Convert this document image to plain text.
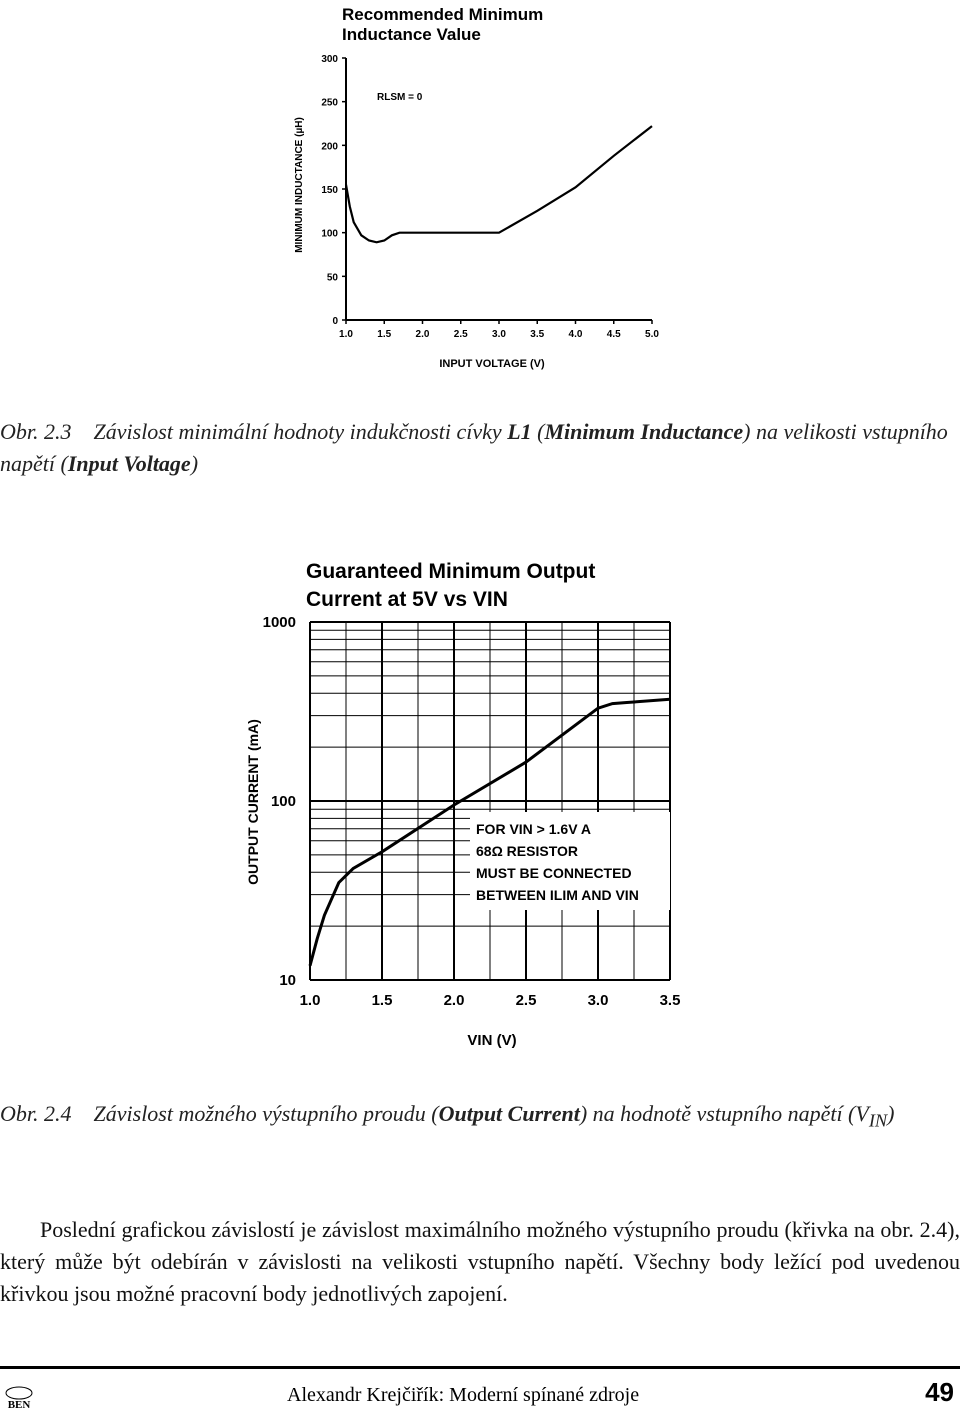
Recommended Minimum
Inductance Value
RLSM = 0
MINIMUM INDUCTANCE (µH)
INPUT VOLTAGE (V)
0
50
100
150
200
250
300
1.0 1.5 2.0 2.5 3.0 3.5 4.0 4.5 5.0
Obr. 2.3 Závislost minimální hodnoty indukčnosti cívky L1 (Minimum Inductance) na velikosti vstupního napětí (Input Voltage)
Guaranteed Minimum Output
Current at 5V vs VIN
OUTPUT CURRENT (mA)
VIN (V)
10
100
1000
1.0	1.5	2.0	2.5	3.0	3.5
FOR VIN > 1.6V A
68Ω RESISTOR
MUST BE CONNECTED
BETWEEN ILIM AND VIN
Obr. 2.4 Závislost možného výstupního proudu (Output Current) na hodnotě vstupního napětí $(V_{IN})$
Poslední grafickou závislostí je závislost maximálního možného výstupního proudu (křivka na obr. 2.4), který může být odebírán v závislosti na velikosti vstupního napětí. Všechny body ležící pod uvedenou křivkou jsou možné pracovní body jednotlivých zapojení.
BEN	Alexandr Krejčiřík: Moderní spínané zdroje	49
